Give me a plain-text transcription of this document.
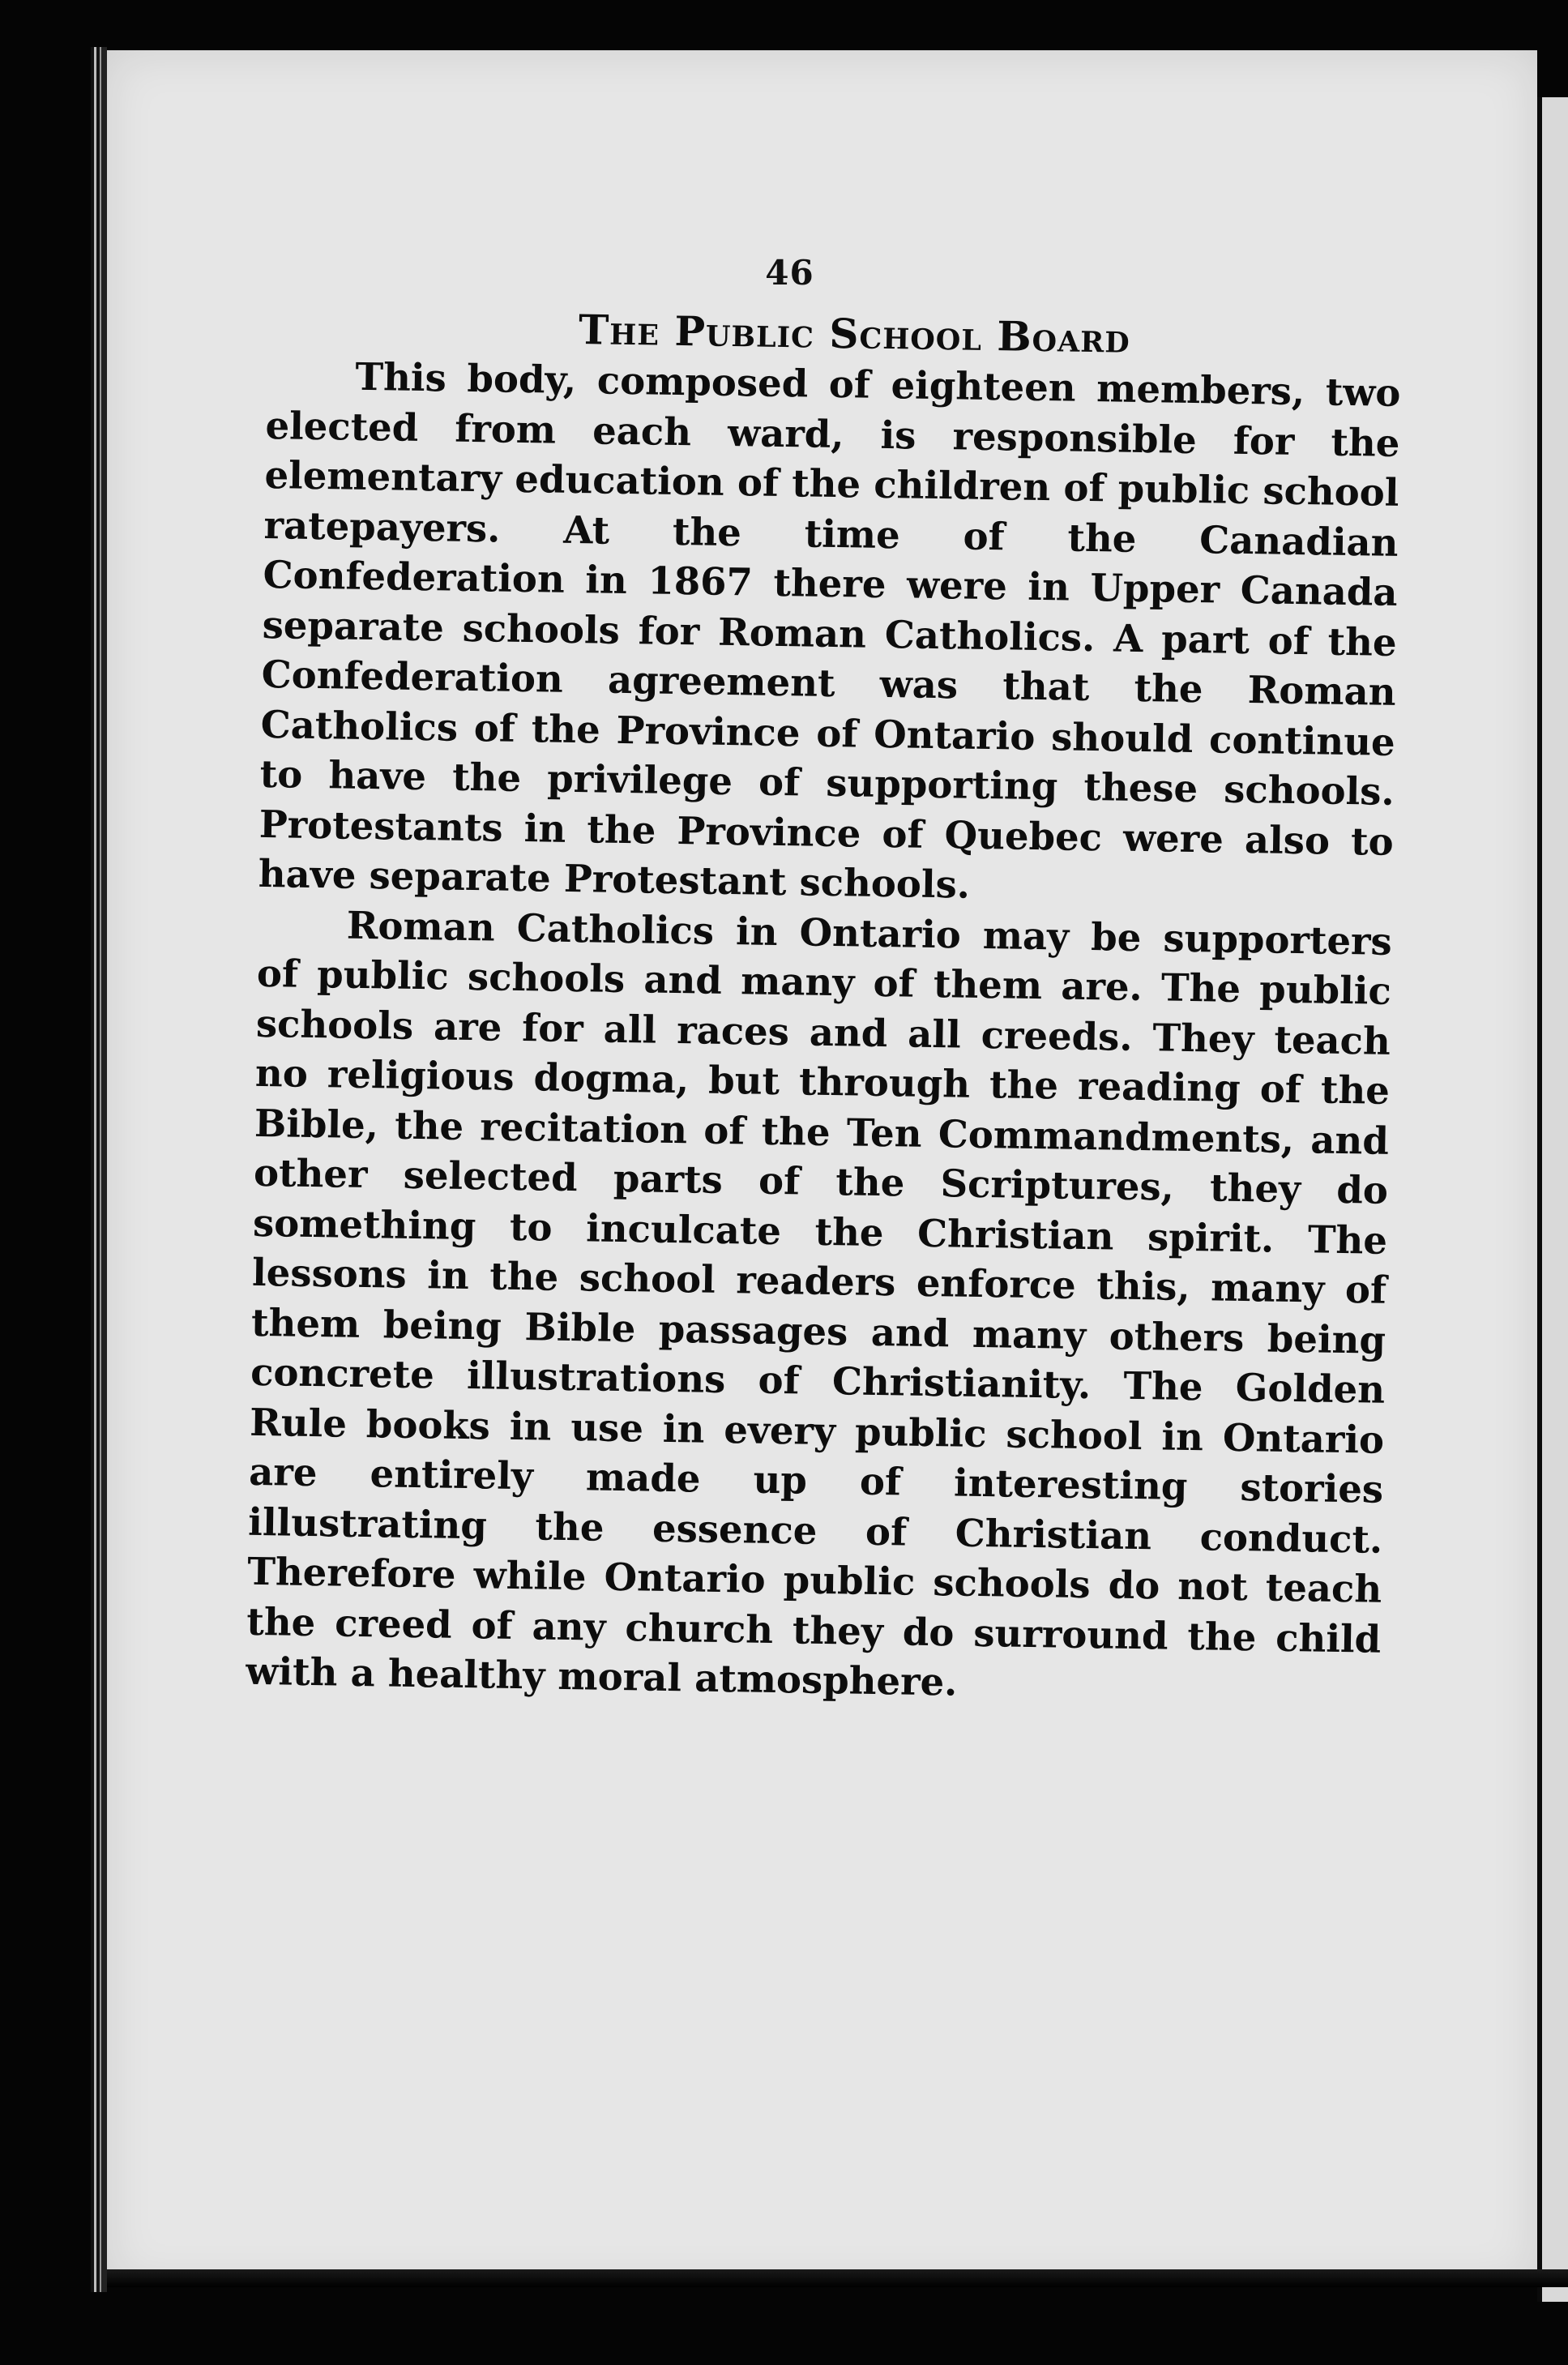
46
The Public School Board

This body, composed of eighteen members, two elected from each ward, is responsible for the elementary education of the children of public school ratepayers. At the time of the Canadian Confederation in 1867 there were in Upper Canada separate schools for Roman Catholics. A part of the Confederation agreement was that the Roman Catholics of the Province of Ontario should continue to have the privilege of supporting these schools. Protestants in the Province of Quebec were also to have separate Protestant schools.

Roman Catholics in Ontario may be supporters of public schools and many of them are. The public schools are for all races and all creeds. They teach no religious dogma, but through the reading of the Bible, the recitation of the Ten Commandments, and other selected parts of the Scriptures, they do something to inculcate the Christian spirit. The lessons in the school readers enforce this, many of them being Bible passages and many others being concrete illustrations of Christianity. The Golden Rule books in use in every public school in Ontario are entirely made up of interesting stories illustrating the essence of Christian conduct. Therefore while Ontario public schools do not teach the creed of any church they do surround the child with a healthy moral atmosphere.
